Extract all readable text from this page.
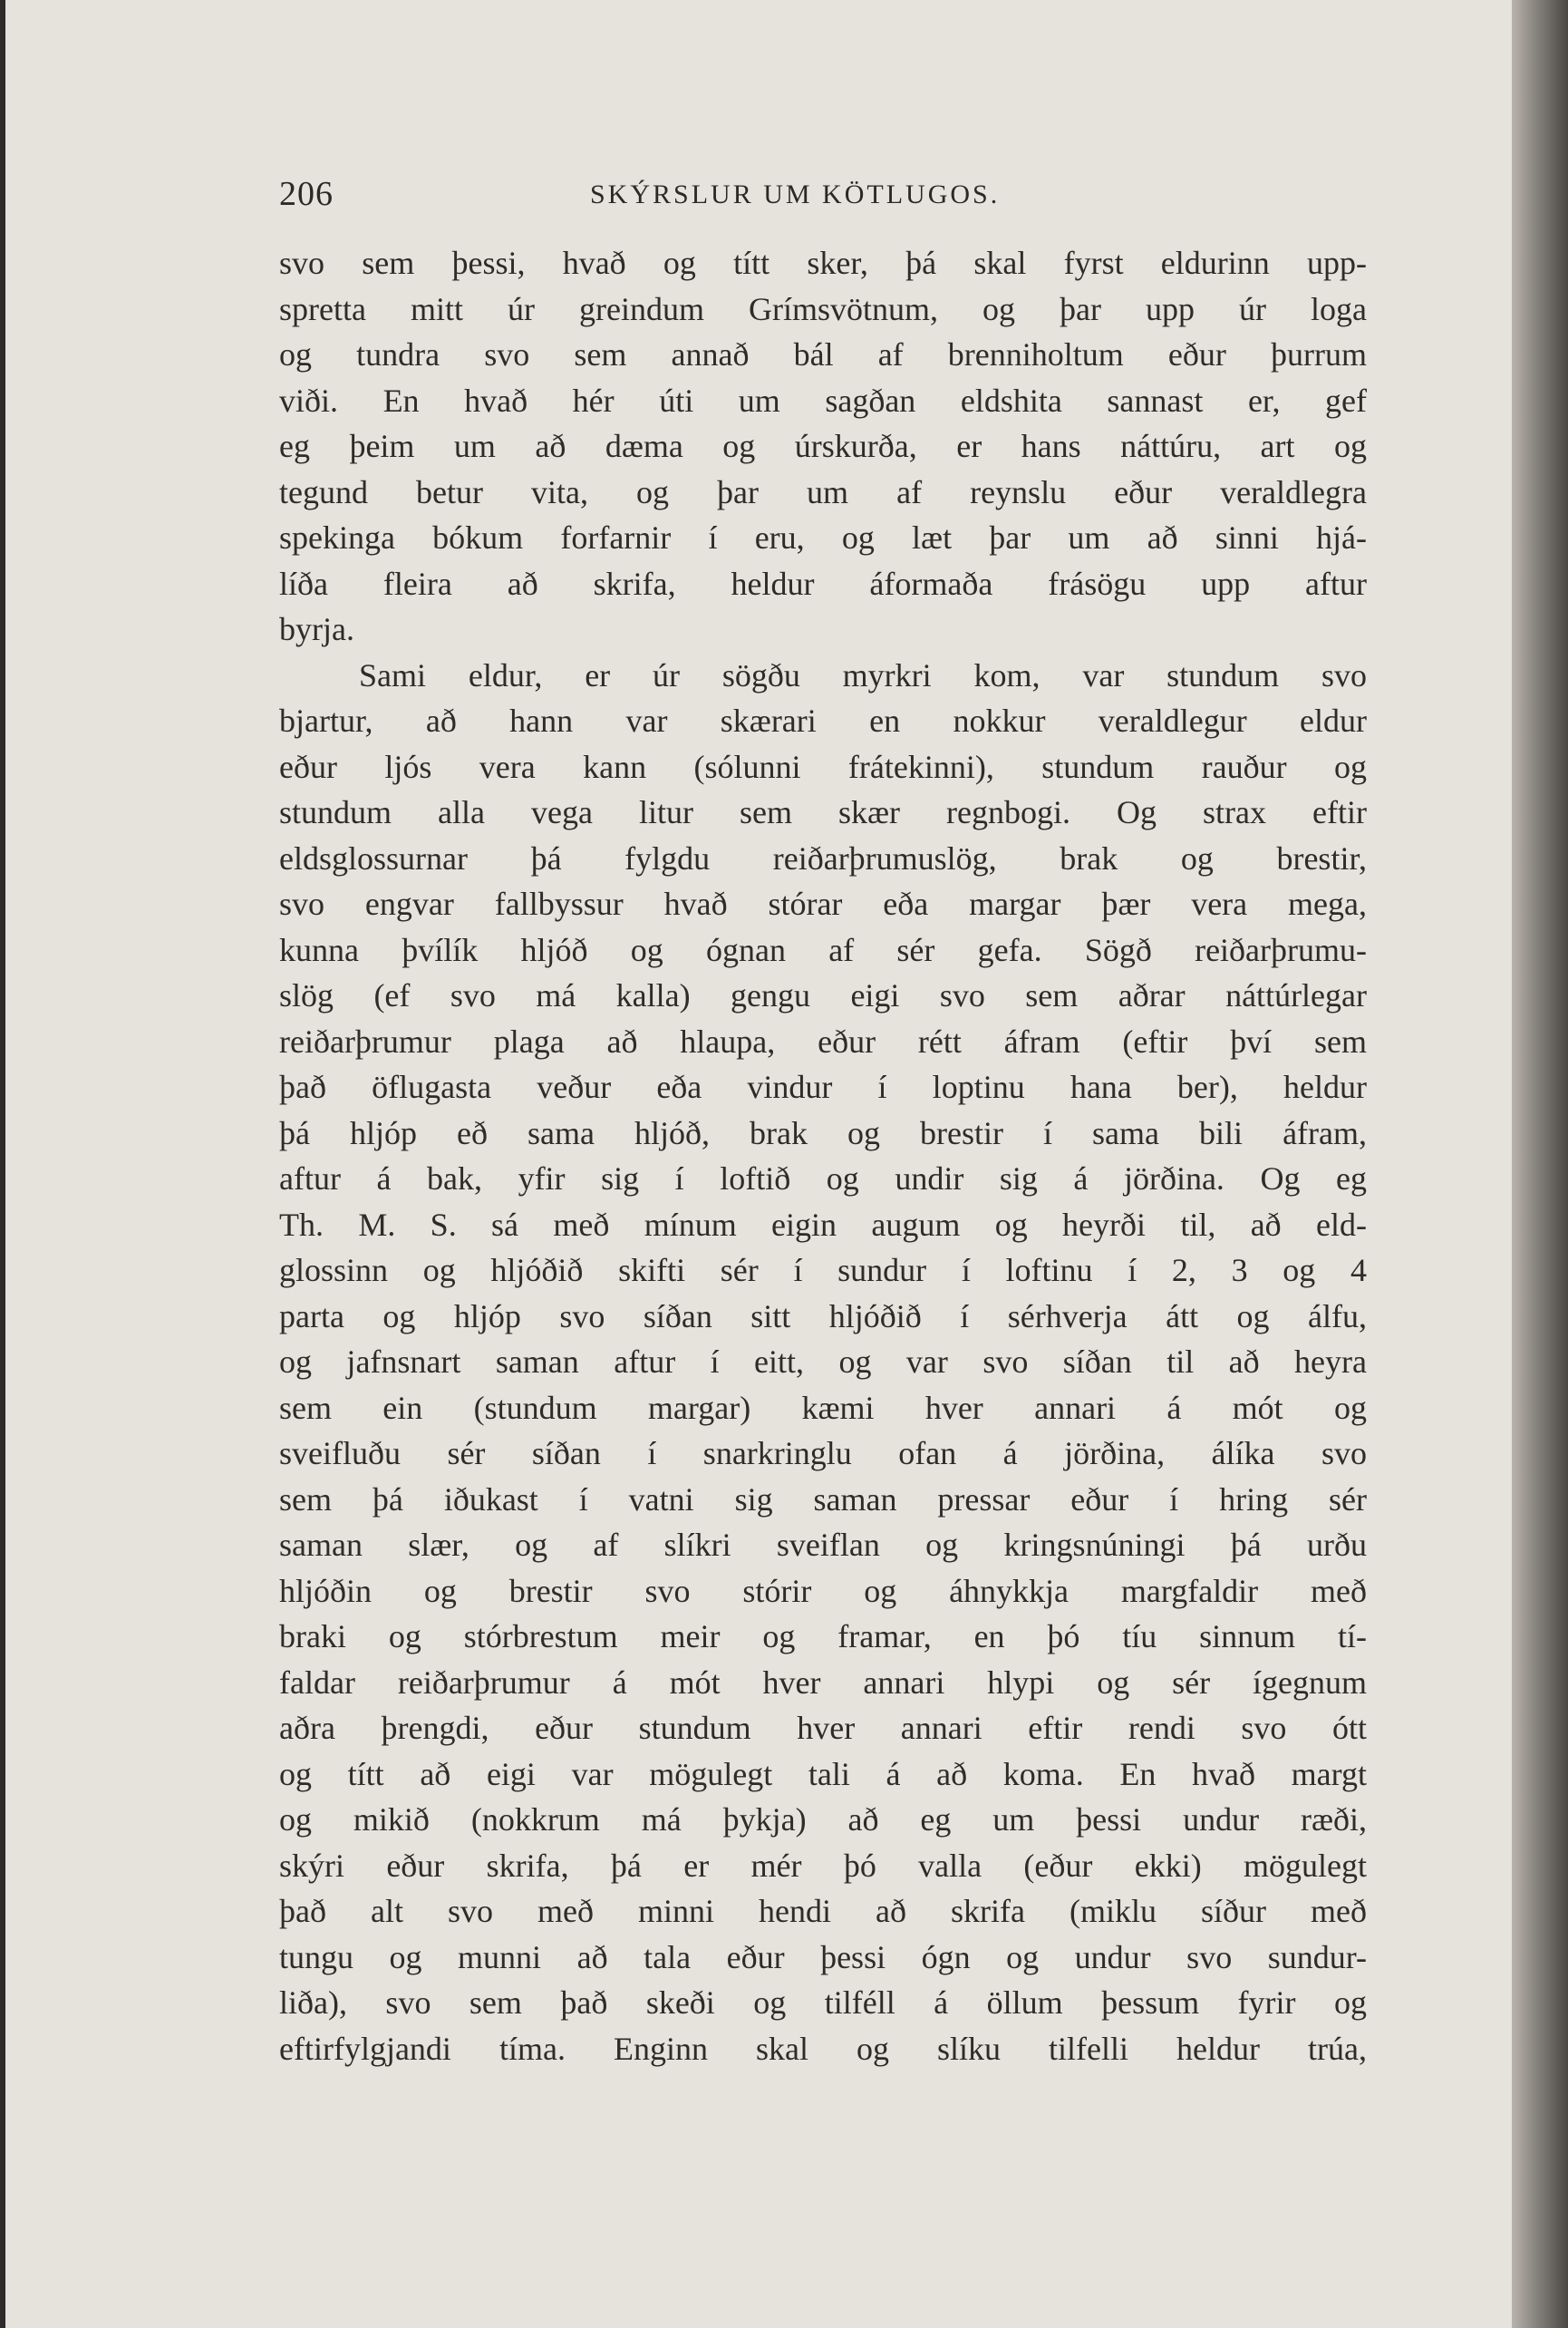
206	SKÝRSLUR UM KÖTLUGOS.
svo sem þessi, hvað og títt sker, þá skal fyrst eldurinn upp-
spretta mitt úr greindum Grímsvötnum, og þar upp úr loga
og tundra svo sem annað bál af brenniholtum eður þurrum
viði. En hvað hér úti um sagðan eldshita sannast er, gef
eg þeim um að dæma og úrskurða, er hans náttúru, art og
tegund betur vita, og þar um af reynslu eður veraldlegra
spekinga bókum forfarnir í eru, og læt þar um að sinni hjá-
líða fleira að skrifa, heldur áformaða frásögu upp aftur
byrja.
Sami eldur, er úr sögðu myrkri kom, var stundum svo
bjartur, að hann var skærari en nokkur veraldlegur eldur
eður ljós vera kann (sólunni frátekinni), stundum rauður og
stundum alla vega litur sem skær regnbogi. Og strax eftir
eldsglossurnar þá fylgdu reiðarþrumuslög, brak og brestir,
svo engvar fallbyssur hvað stórar eða margar þær vera mega,
kunna þvílík hljóð og ógnan af sér gefa. Sögð reiðarþrumu-
slög (ef svo má kalla) gengu eigi svo sem aðrar náttúrlegar
reiðarþrumur plaga að hlaupa, eður rétt áfram (eftir því sem
það öflugasta veður eða vindur í loptinu hana ber), heldur
þá hljóp eð sama hljóð, brak og brestir í sama bili áfram,
aftur á bak, yfir sig í loftið og undir sig á jörðina. Og eg
Th. M. S. sá með mínum eigin augum og heyrði til, að eld-
glossinn og hljóðið skifti sér í sundur í loftinu í 2, 3 og 4
parta og hljóp svo síðan sitt hljóðið í sérhverja átt og álfu,
og jafnsnart saman aftur í eitt, og var svo síðan til að heyra
sem ein (stundum margar) kæmi hver annari á mót og
sveifluðu sér síðan í snarkringlu ofan á jörðina, álíka svo
sem þá iðukast í vatni sig saman pressar eður í hring sér
saman slær, og af slíkri sveiflan og kringsnúningi þá urðu
hljóðin og brestir svo stórir og áhnykkja margfaldir með
braki og stórbrestum meir og framar, en þó tíu sinnum tí-
faldar reiðarþrumur á mót hver annari hlypi og sér ígegnum
aðra þrengdi, eður stundum hver annari eftir rendi svo ótt
og títt að eigi var mögulegt tali á að koma. En hvað margt
og mikið (nokkrum má þykja) að eg um þessi undur ræði,
skýri eður skrifa, þá er mér þó valla (eður ekki) mögulegt
það alt svo með minni hendi að skrifa (miklu síður með
tungu og munni að tala eður þessi ógn og undur svo sundur-
liða), svo sem það skeði og tilféll á öllum þessum fyrir og
eftirfylgjandi tíma. Enginn skal og slíku tilfelli heldur trúa,
